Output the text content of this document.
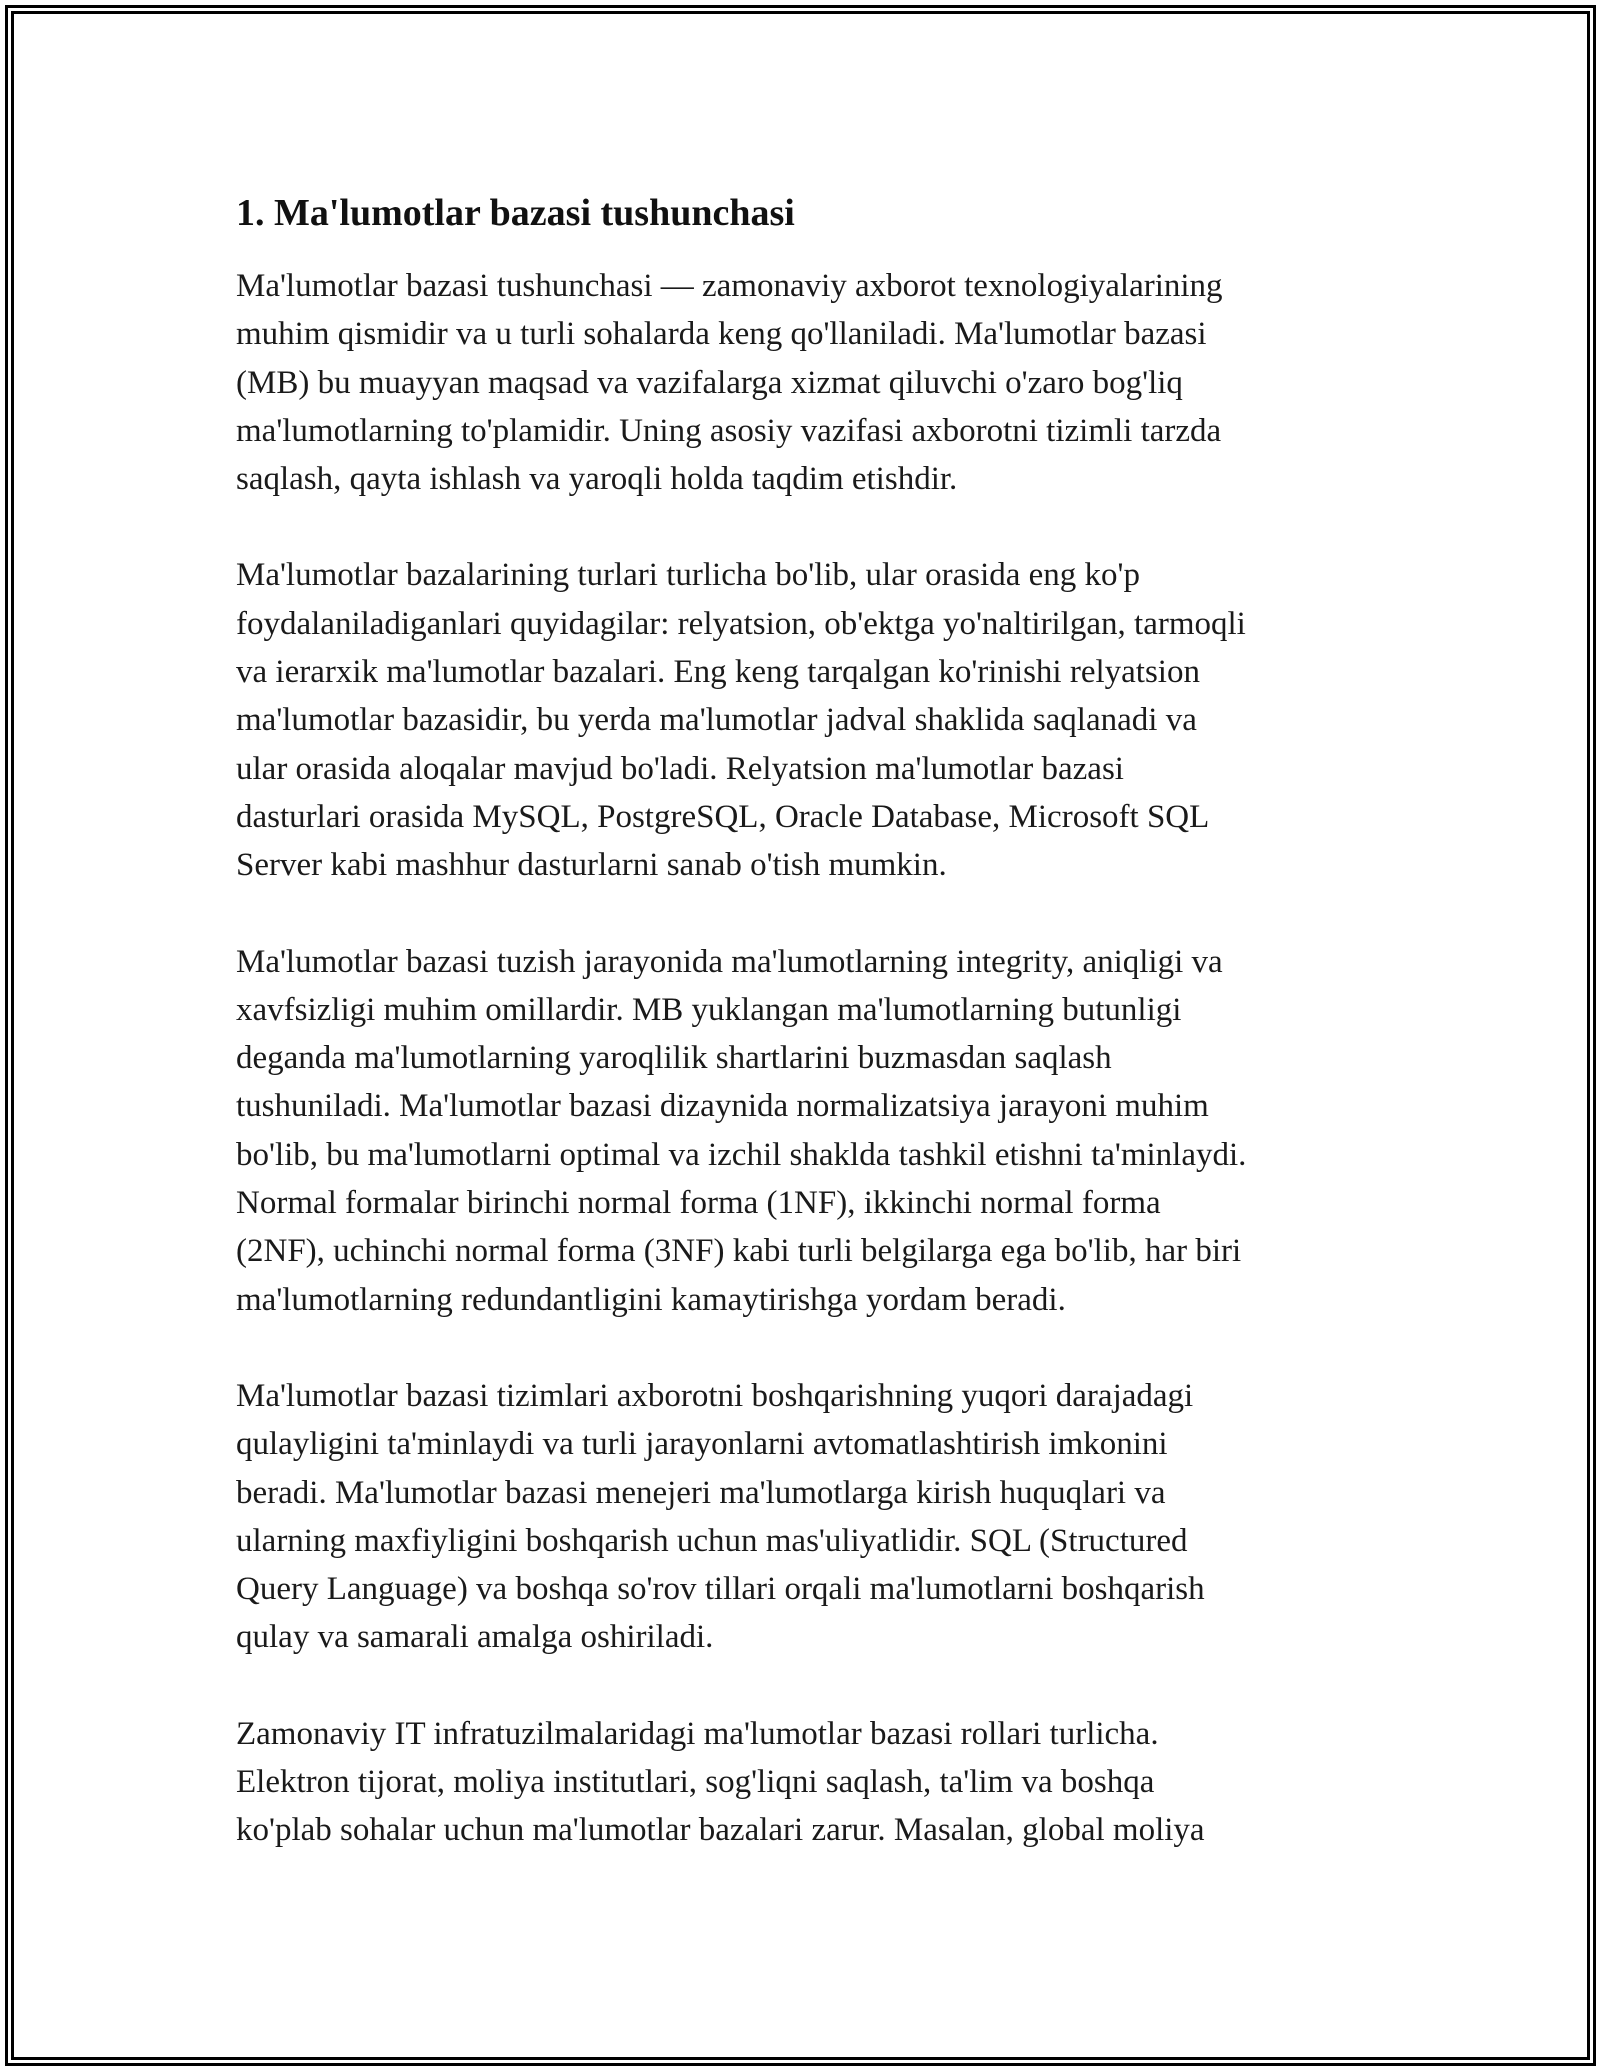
1. Ma'lumotlar bazasi tushunchasi

Ma'lumotlar bazasi tushunchasi — zamonaviy axborot texnologiyalarining
muhim qismidir va u turli sohalarda keng qo'llaniladi. Ma'lumotlar bazasi
(MB) bu muayyan maqsad va vazifalarga xizmat qiluvchi o'zaro bog'liq
ma'lumotlarning to'plamidir. Uning asosiy vazifasi axborotni tizimli tarzda
saqlash, qayta ishlash va yaroqli holda taqdim etishdir.

Ma'lumotlar bazalarining turlari turlicha bo'lib, ular orasida eng ko'p
foydalaniladiganlari quyidagilar: relyatsion, ob'ektga yo'naltirilgan, tarmoqli
va ierarxik ma'lumotlar bazalari. Eng keng tarqalgan ko'rinishi relyatsion
ma'lumotlar bazasidir, bu yerda ma'lumotlar jadval shaklida saqlanadi va
ular orasida aloqalar mavjud bo'ladi. Relyatsion ma'lumotlar bazasi
dasturlari orasida MySQL, PostgreSQL, Oracle Database, Microsoft SQL
Server kabi mashhur dasturlarni sanab o'tish mumkin.

Ma'lumotlar bazasi tuzish jarayonida ma'lumotlarning integrity, aniqligi va
xavfsizligi muhim omillardir. MB yuklangan ma'lumotlarning butunligi
deganda ma'lumotlarning yaroqlilik shartlarini buzmasdan saqlash
tushuniladi. Ma'lumotlar bazasi dizaynida normalizatsiya jarayoni muhim
bo'lib, bu ma'lumotlarni optimal va izchil shaklda tashkil etishni ta'minlaydi.
Normal formalar birinchi normal forma (1NF), ikkinchi normal forma
(2NF), uchinchi normal forma (3NF) kabi turli belgilarga ega bo'lib, har biri
ma'lumotlarning redundantligini kamaytirishga yordam beradi.

Ma'lumotlar bazasi tizimlari axborotni boshqarishning yuqori darajadagi
qulayligini ta'minlaydi va turli jarayonlarni avtomatlashtirish imkonini
beradi. Ma'lumotlar bazasi menejeri ma'lumotlarga kirish huquqlari va
ularning maxfiyligini boshqarish uchun mas'uliyatlidir. SQL (Structured
Query Language) va boshqa so'rov tillari orqali ma'lumotlarni boshqarish
qulay va samarali amalga oshiriladi.

Zamonaviy IT infratuzilmalaridagi ma'lumotlar bazasi rollari turlicha.
Elektron tijorat, moliya institutlari, sog'liqni saqlash, ta'lim va boshqa
ko'plab sohalar uchun ma'lumotlar bazalari zarur. Masalan, global moliya
